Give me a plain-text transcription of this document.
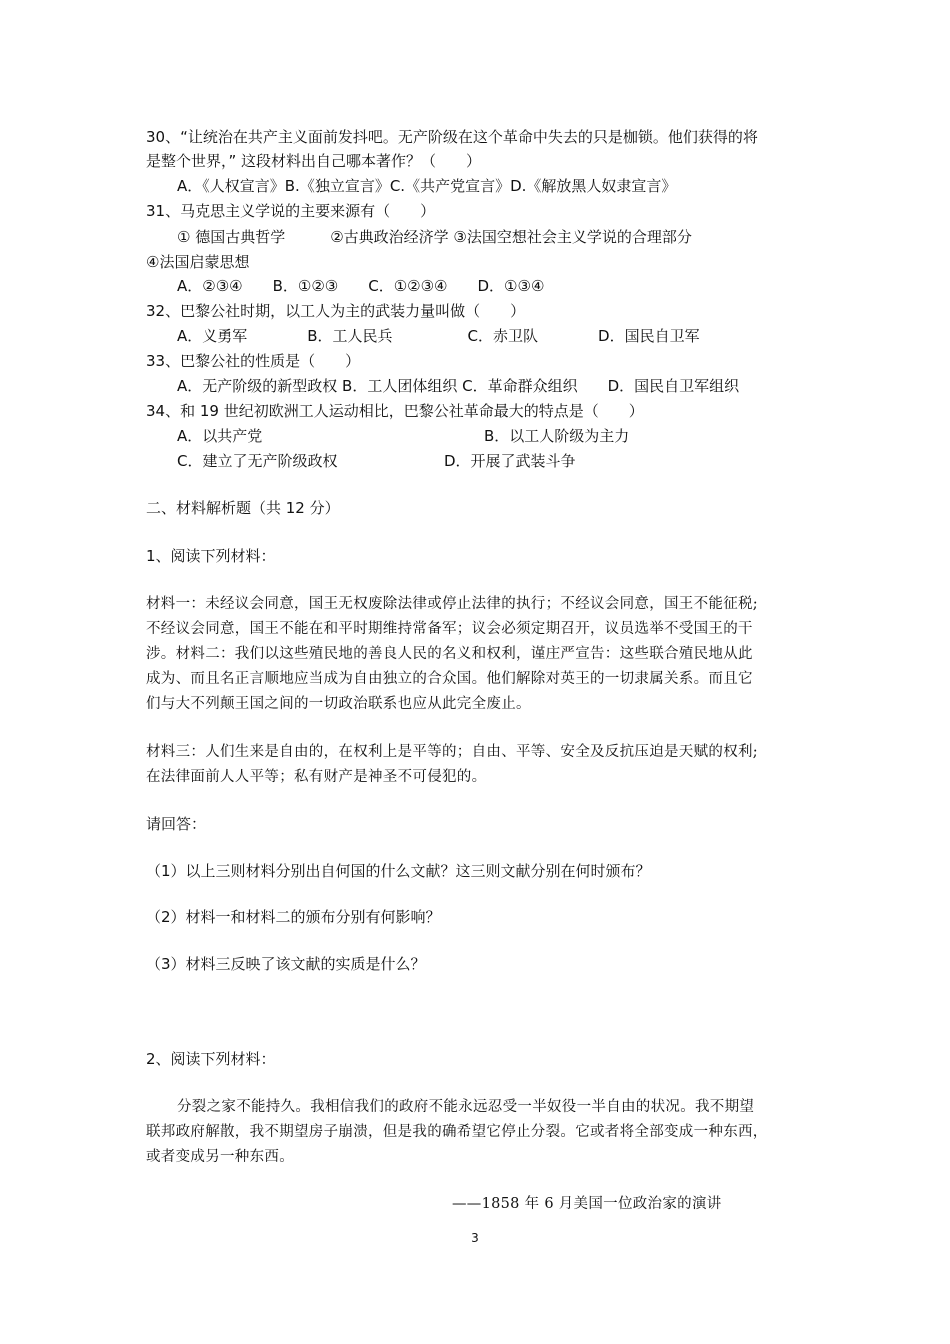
30、“让统治在共产主义面前发抖吧。无产阶级在这个革命中失去的只是枷锁。他们获得的将
是整个世界，” 这段材料出自己哪本著作？（　　）
A．《人权宣言》B.《独立宣言》C.《共产党宣言》D.《解放黑人奴隶宣言》
31、马克思主义学说的主要来源有（　　）
① 德国古典哲学　　　②古典政治经济学 ③法国空想社会主义学说的合理部分
④法国启蒙思想
A．②③④　　B．①②③　　C．①②③④　　D．①③④
32、巴黎公社时期，以工人为主的武装力量叫做（　　）
A．义勇军　　　　B．工人民兵　　　　　C．赤卫队　　　　D．国民自卫军
33、巴黎公社的性质是（　　）
A．无产阶级的新型政权 B．工人团体组织 C．革命群众组织　　D．国民自卫军组织
34、和 19 世纪初欧洲工人运动相比，巴黎公社革命最大的特点是（　　）
A．以共产党	B．以工人阶级为主力
C．建立了无产阶级政权	D．开展了武装斗争
二、材料解析题（共 12 分）
1、阅读下列材料：
材料一：未经议会同意，国王无权废除法律或停止法律的执行；不经议会同意，国王不能征税;
不经议会同意，国王不能在和平时期维持常备军；议会必须定期召开，议员选举不受国王的干
涉。材料二：我们以这些殖民地的善良人民的名义和权利，谨庄严宣告：这些联合殖民地从此
成为、而且名正言顺地应当成为自由独立的合众国。他们解除对英王的一切隶属关系。而且它
们与大不列颠王国之间的一切政治联系也应从此完全废止。
材料三：人们生来是自由的，在权利上是平等的；自由、平等、安全及反抗压迫是天赋的权利;
在法律面前人人平等；私有财产是神圣不可侵犯的。
请回答：
（1）以上三则材料分别出自何国的什么文献？这三则文献分别在何时颁布？
（2）材料一和材料二的颁布分别有何影响？
（3）材料三反映了该文献的实质是什么？
2、阅读下列材料：
分裂之家不能持久。我相信我们的政府不能永远忍受一半奴役一半自由的状况。我不期望
联邦政府解散，我不期望房子崩溃，但是我的确希望它停止分裂。它或者将全部变成一种东西，
或者变成另一种东西。
——1858 年 6 月美国一位政治家的演讲
3
